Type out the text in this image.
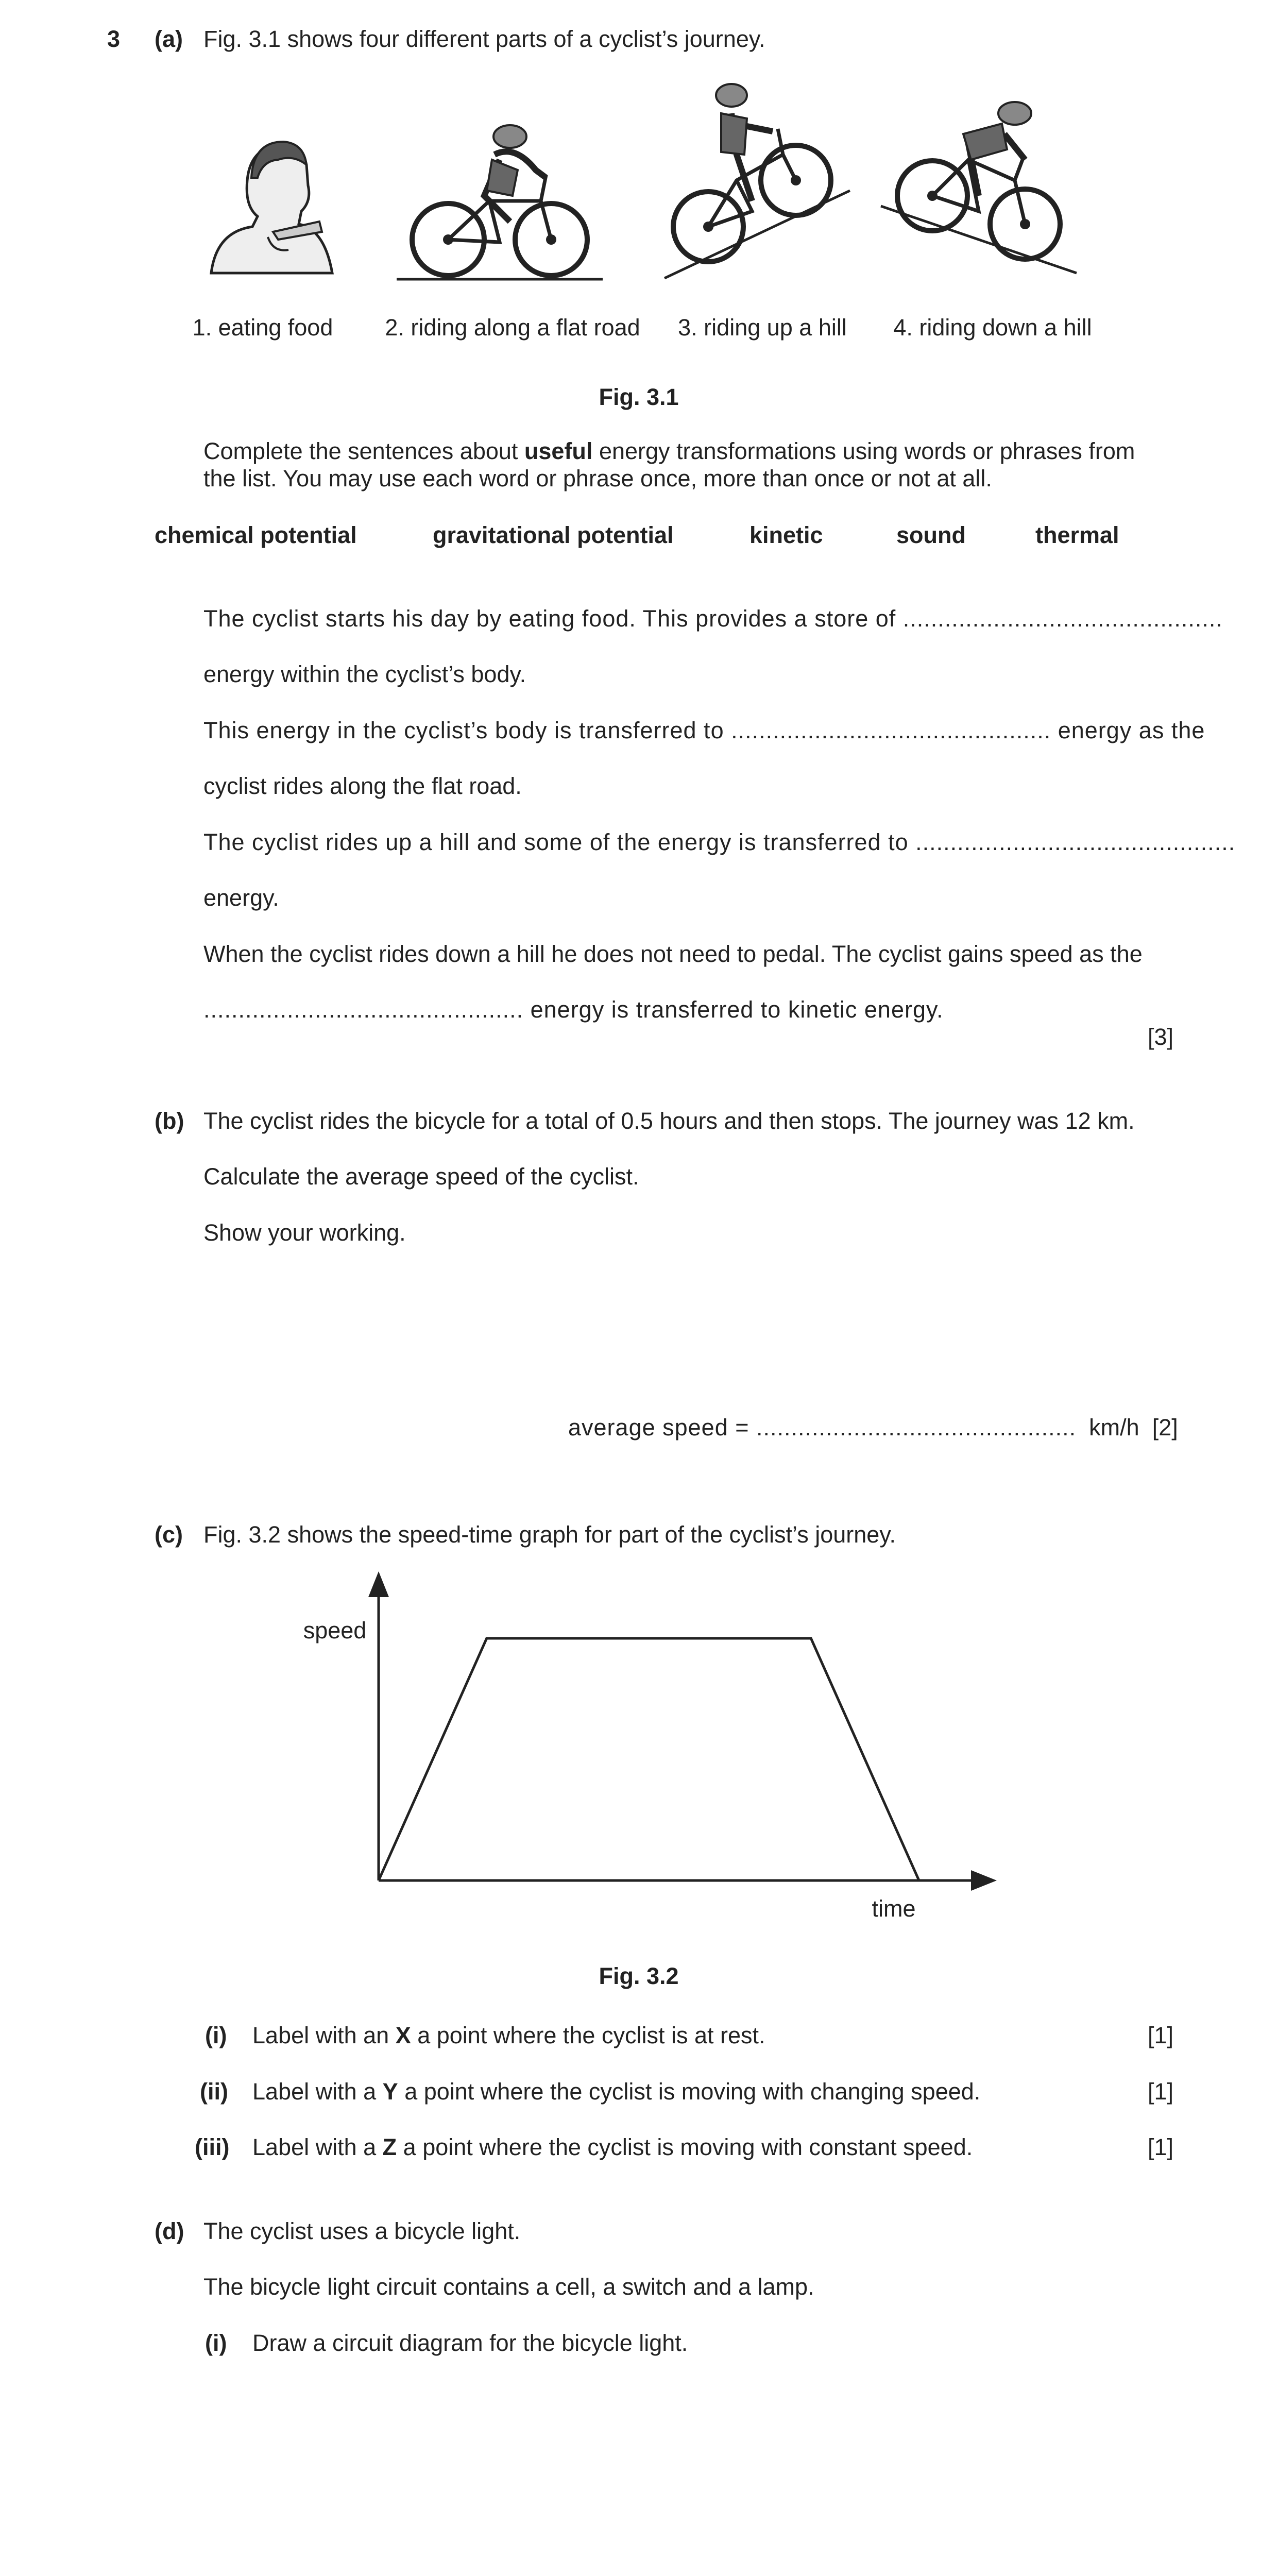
3 (a) Fig. 3.1 shows four different parts of a cyclist’s journey.
1. eating food 2. riding along a flat road 3. riding up a hill 4. riding down a hill
Fig. 3.1
Complete the sentences about useful energy transformations using words or phrases from
the list. You may use each word or phrase once, more than once or not at all.
chemical potential	gravitational potential	kinetic	sound	thermal
The cyclist starts his day by eating food. This provides a store of ..............................................
energy within the cyclist’s body.
This energy in the cyclist’s body is transferred to .............................................. energy as the
cyclist rides along the flat road.
The cyclist rides up a hill and some of the energy is transferred to ..............................................
energy.
When the cyclist rides down a hill he does not need to pedal. The cyclist gains speed as the
.............................................. energy is transferred to kinetic energy.
[3]
(b) The cyclist rides the bicycle for a total of 0.5 hours and then stops. The journey was 12 km.
Calculate the average speed of the cyclist.
Show your working.
average speed = .............................................. km/h [2]
(c) Fig. 3.2 shows the speed-time graph for part of the cyclist’s journey.
speed
time
Fig. 3.2
(i) Label with an X a point where the cyclist is at rest.	[1]
(ii) Label with a Y a point where the cyclist is moving with changing speed.	[1]
(iii) Label with a Z a point where the cyclist is moving with constant speed.	[1]
(d) The cyclist uses a bicycle light.
The bicycle light circuit contains a cell, a switch and a lamp.
(i) Draw a circuit diagram for the bicycle light.
